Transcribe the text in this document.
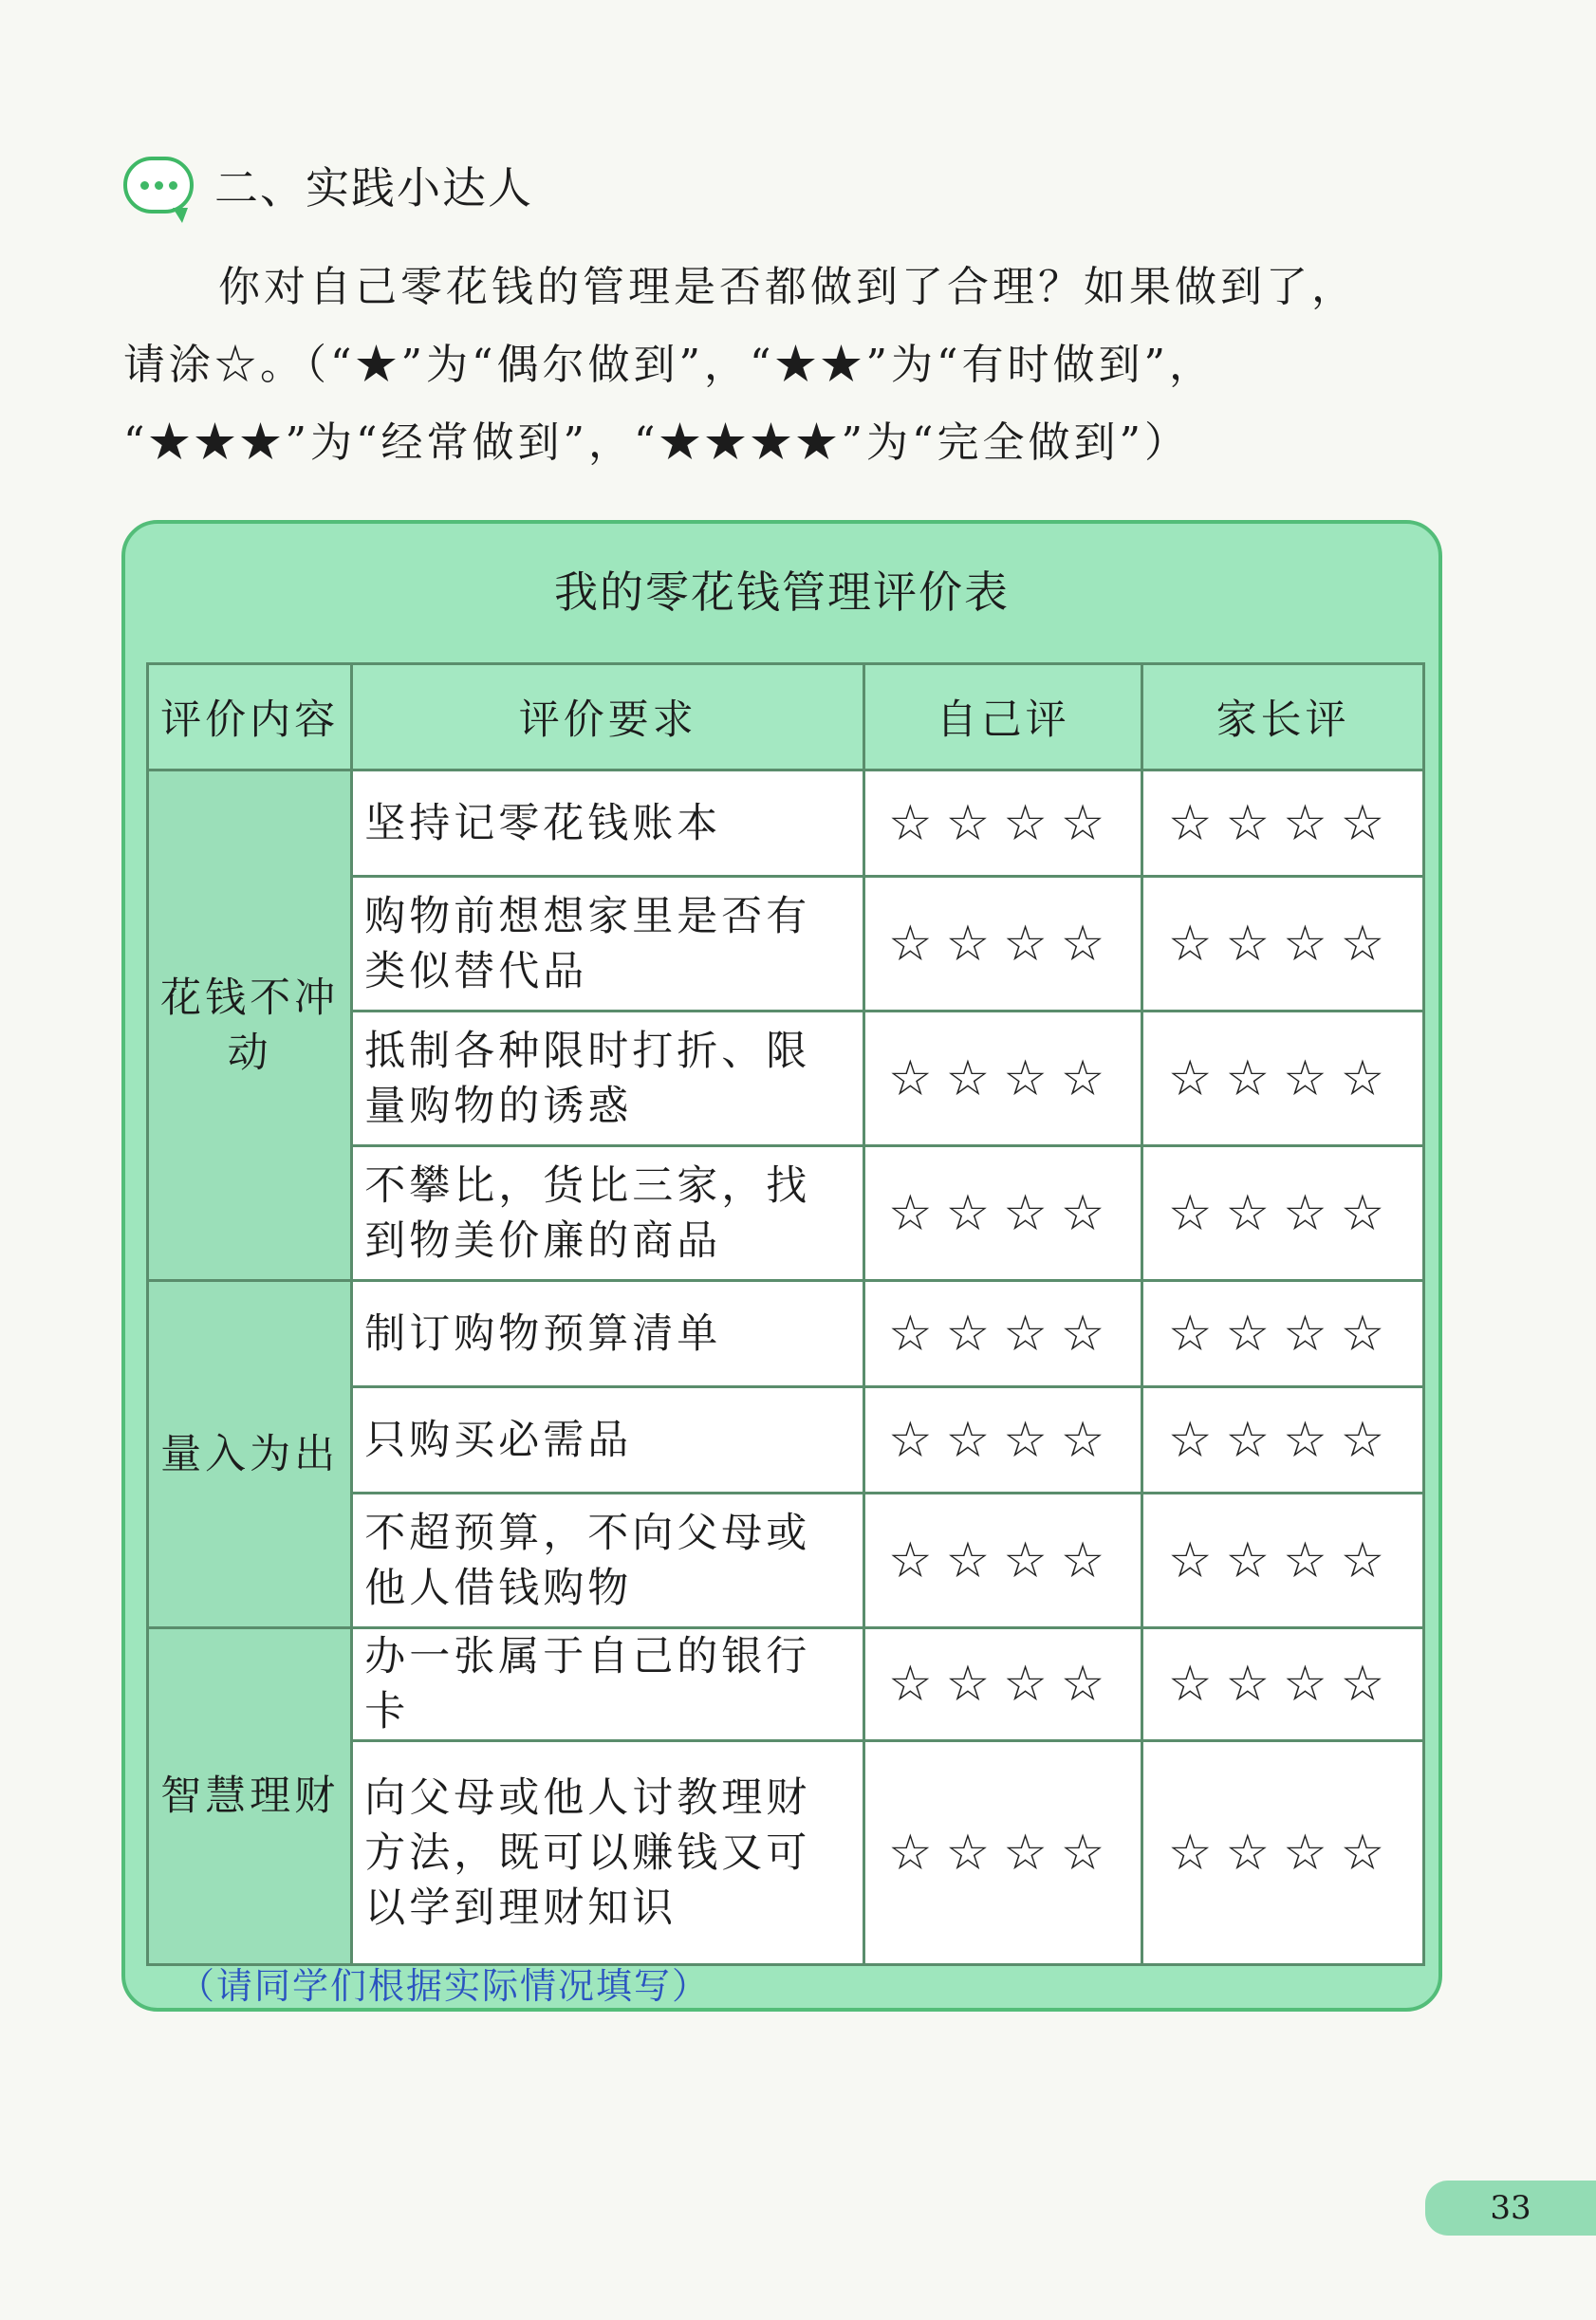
二、实践小达人

你对自己零花钱的管理是否都做到了合理？如果做到了，

请涂☆。（“★”为“偶尔做到”，“★★”为“有时做到”，

“★★★”为“经常做到”，“★★★★”为“完全做到”）

我的零花钱管理评价表
评价内容	评价要求	自己评	家长评
花钱不冲动	坚持记零花钱账本	☆☆☆☆	☆☆☆☆
	购物前想想家里是否有类似替代品	☆☆☆☆	☆☆☆☆
	抵制各种限时打折、限量购物的诱惑	☆☆☆☆	☆☆☆☆
	不攀比，货比三家，找到物美价廉的商品	☆☆☆☆	☆☆☆☆
量入为出	制订购物预算清单	☆☆☆☆	☆☆☆☆
	只购买必需品	☆☆☆☆	☆☆☆☆
	不超预算，不向父母或他人借钱购物	☆☆☆☆	☆☆☆☆
智慧理财	办一张属于自己的银行卡	☆☆☆☆	☆☆☆☆
	向父母或他人讨教理财方法，既可以赚钱又可以学到理财知识	☆☆☆☆	☆☆☆☆
（请同学们根据实际情况填写）
33
